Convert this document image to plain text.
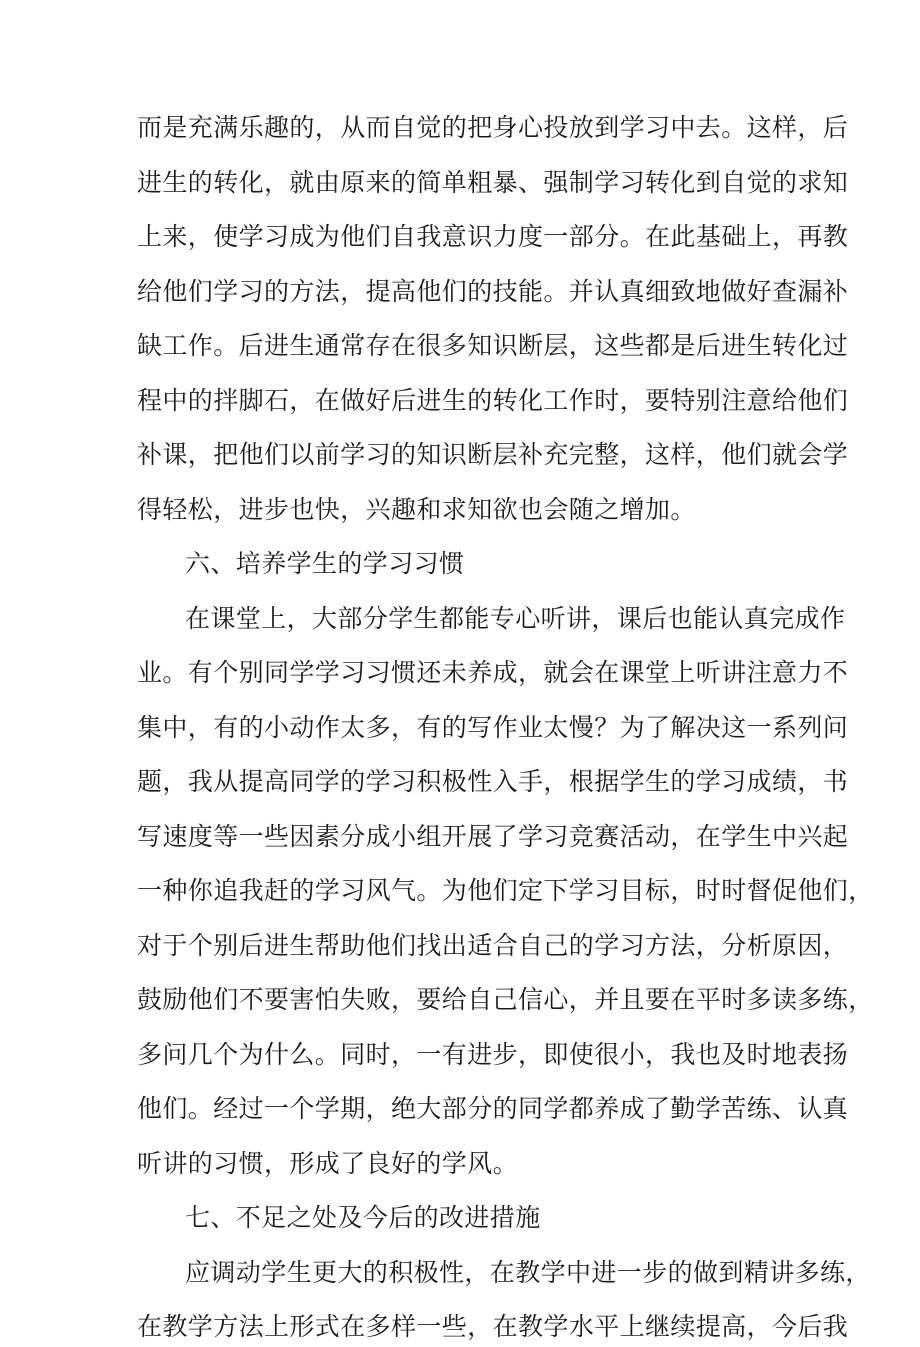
而是充满乐趣的，从而自觉的把身心投放到学习中去。这样，后
进生的转化，就由原来的简单粗暴、强制学习转化到自觉的求知
上来，使学习成为他们自我意识力度一部分。在此基础上，再教
给他们学习的方法，提高他们的技能。并认真细致地做好查漏补
缺工作。后进生通常存在很多知识断层，这些都是后进生转化过
程中的拌脚石，在做好后进生的转化工作时，要特别注意给他们
补课，把他们以前学习的知识断层补充完整，这样，他们就会学
得轻松，进步也快，兴趣和求知欲也会随之增加。
六、培养学生的学习习惯
在课堂上，大部分学生都能专心听讲，课后也能认真完成作
业。有个别同学学习习惯还未养成，就会在课堂上听讲注意力不
集中，有的小动作太多，有的写作业太慢？为了解决这一系列问
题，我从提高同学的学习积极性入手，根据学生的学习成绩，书
写速度等一些因素分成小组开展了学习竞赛活动，在学生中兴起
一种你追我赶的学习风气。为他们定下学习目标，时时督促他们，
对于个别后进生帮助他们找出适合自己的学习方法，分析原因，
鼓励他们不要害怕失败，要给自己信心，并且要在平时多读多练，
多问几个为什么。同时，一有进步，即使很小，我也及时地表扬
他们。经过一个学期，绝大部分的同学都养成了勤学苦练、认真
听讲的习惯，形成了良好的学风。
七、不足之处及今后的改进措施
应调动学生更大的积极性，在教学中进一步的做到精讲多练，
在教学方法上形式在多样一些，在教学水平上继续提高，今后我
